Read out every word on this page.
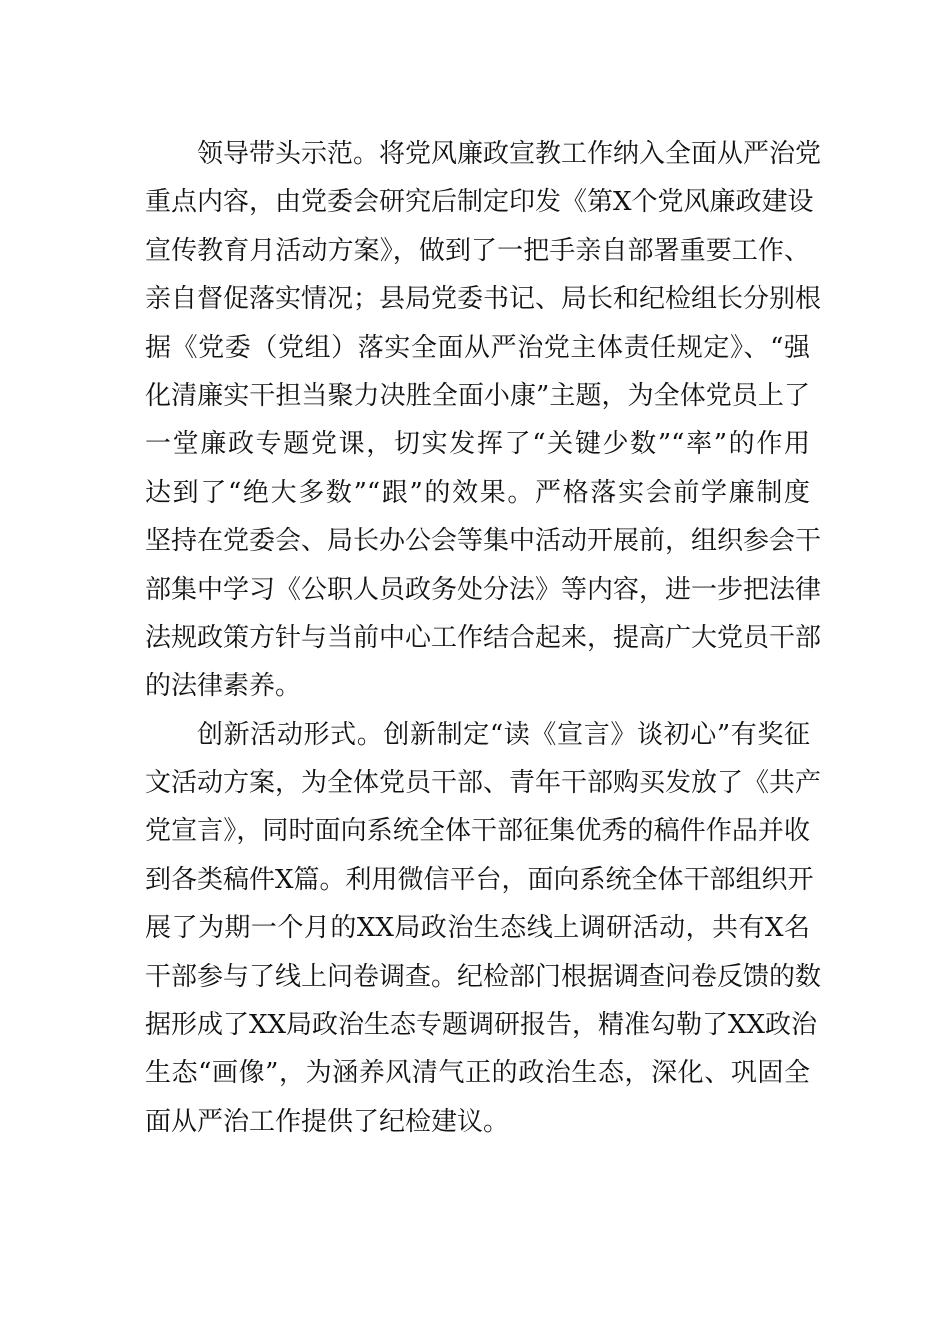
领导带头示范。将党风廉政宣教工作纳入全面从严治党
重点内容，由党委会研究后制定印发《第X个党风廉政建设
宣传教育月活动方案》，做到了一把手亲自部署重要工作、
亲自督促落实情况；县局党委书记、局长和纪检组长分别根
据《党委（党组）落实全面从严治党主体责任规定》、“强
化清廉实干担当聚力决胜全面小康”主题，为全体党员上了
一堂廉政专题党课，切实发挥了“关键少数”“率”的作用
达到了“绝大多数”“跟”的效果。严格落实会前学廉制度
坚持在党委会、局长办公会等集中活动开展前，组织参会干
部集中学习《公职人员政务处分法》等内容，进一步把法律
法规政策方针与当前中心工作结合起来，提高广大党员干部
的法律素养。
创新活动形式。创新制定“读《宣言》谈初心”有奖征
文活动方案，为全体党员干部、青年干部购买发放了《共产
党宣言》，同时面向系统全体干部征集优秀的稿件作品并收
到各类稿件X篇。利用微信平台，面向系统全体干部组织开
展了为期一个月的XX局政治生态线上调研活动，共有X名
干部参与了线上问卷调查。纪检部门根据调查问卷反馈的数
据形成了XX局政治生态专题调研报告，精准勾勒了XX政治
生态“画像”，为涵养风清气正的政治生态，深化、巩固全
面从严治工作提供了纪检建议。
